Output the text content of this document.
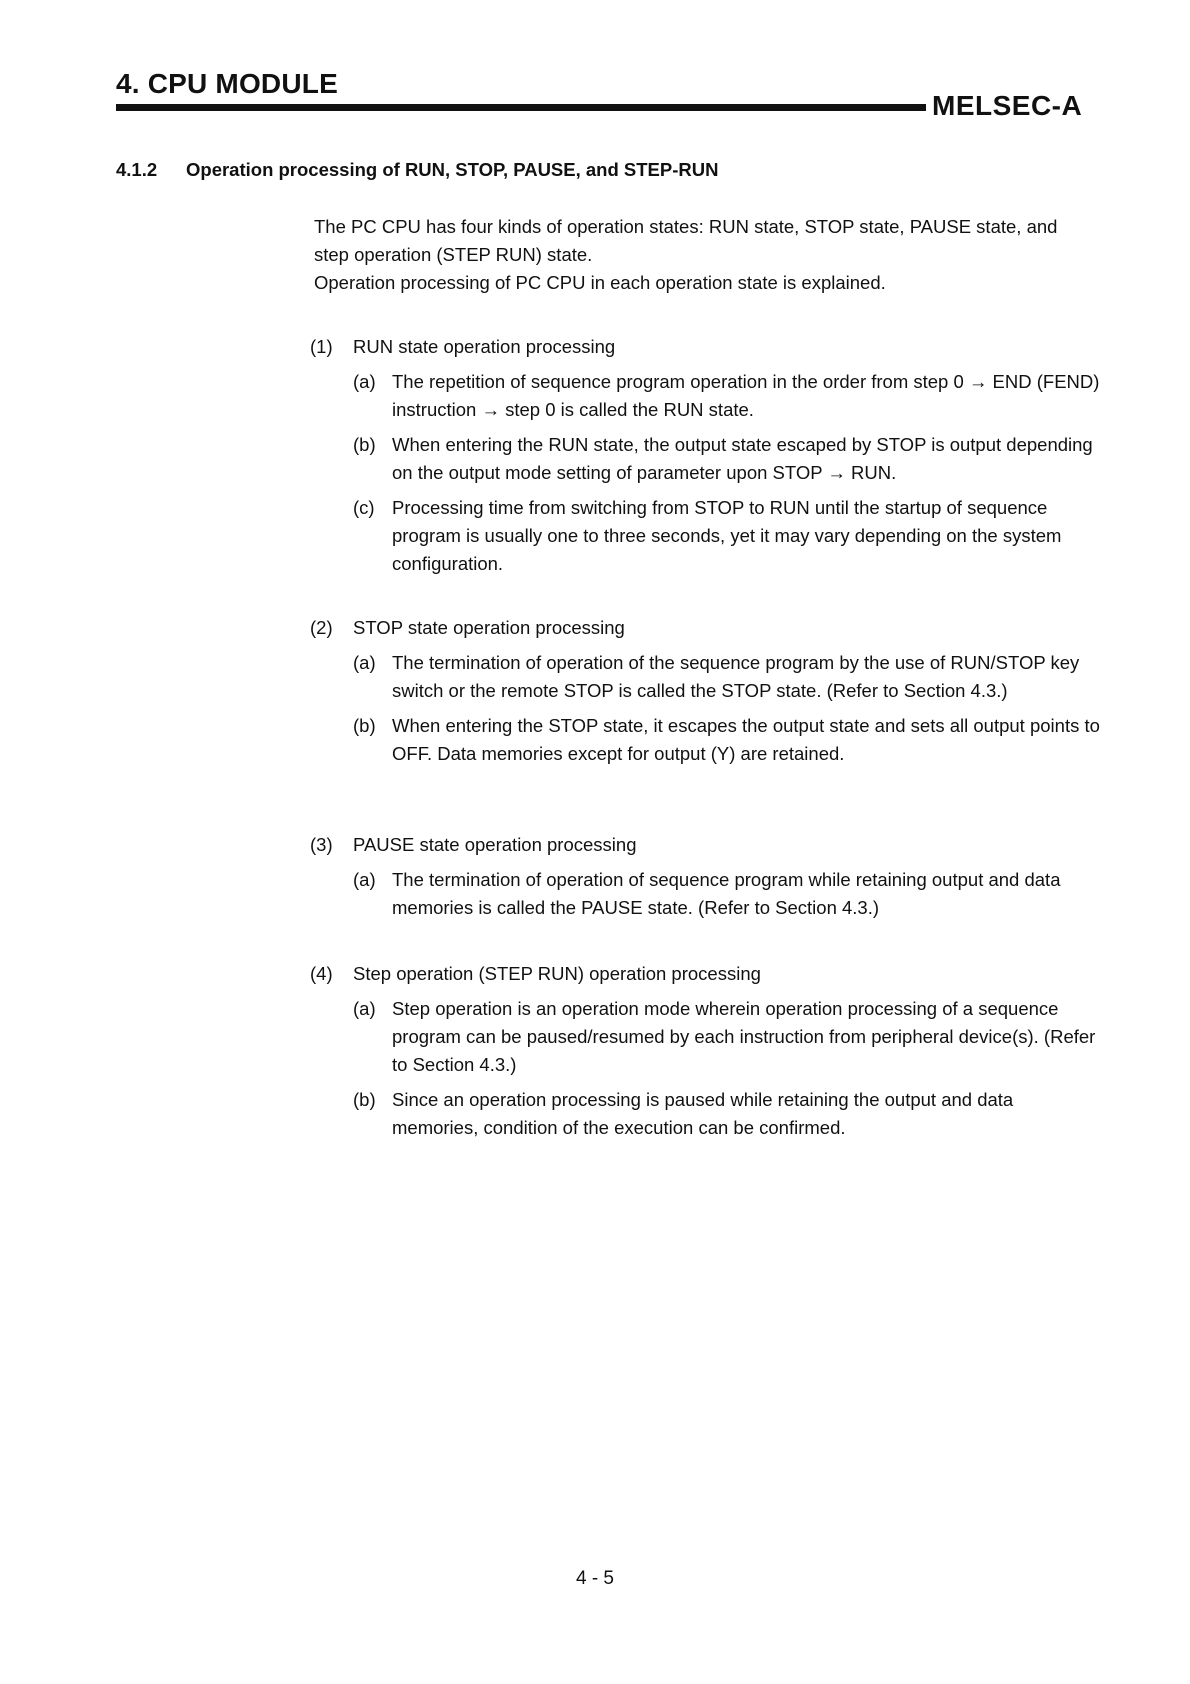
4. CPU MODULE
MELSEC-A
4.1.2 Operation processing of RUN, STOP, PAUSE, and STEP-RUN

The PC CPU has four kinds of operation states: RUN state, STOP state, PAUSE state, and step operation (STEP RUN) state.

Operation processing of PC CPU in each operation state is explained.

(1)	RUN state operation processing
(a) The repetition of sequence program operation in the order from step 0 → END (FEND) instruction → step 0 is called the RUN state.
(b) When entering the RUN state, the output state escaped by STOP is output depending on the output mode setting of parameter upon STOP → RUN.
(c) Processing time from switching from STOP to RUN until the startup of sequence program is usually one to three seconds, yet it may vary depending on the system configuration.
(2)	STOP state operation processing
(a) The termination of operation of the sequence program by the use of RUN/STOP key switch or the remote STOP is called the STOP state. (Refer to Section 4.3.)
(b) When entering the STOP state, it escapes the output state and sets all output points to OFF. Data memories except for output (Y) are retained.
(3)	PAUSE state operation processing
(a) The termination of operation of sequence program while retaining output and data memories is called the PAUSE state. (Refer to Section 4.3.)
(4)	Step operation (STEP RUN) operation processing
(a) Step operation is an operation mode wherein operation processing of a sequence program can be paused/resumed by each instruction from peripheral device(s). (Refer to Section 4.3.)
(b) Since an operation processing is paused while retaining the output and data memories, condition of the execution can be confirmed.
4 - 5
